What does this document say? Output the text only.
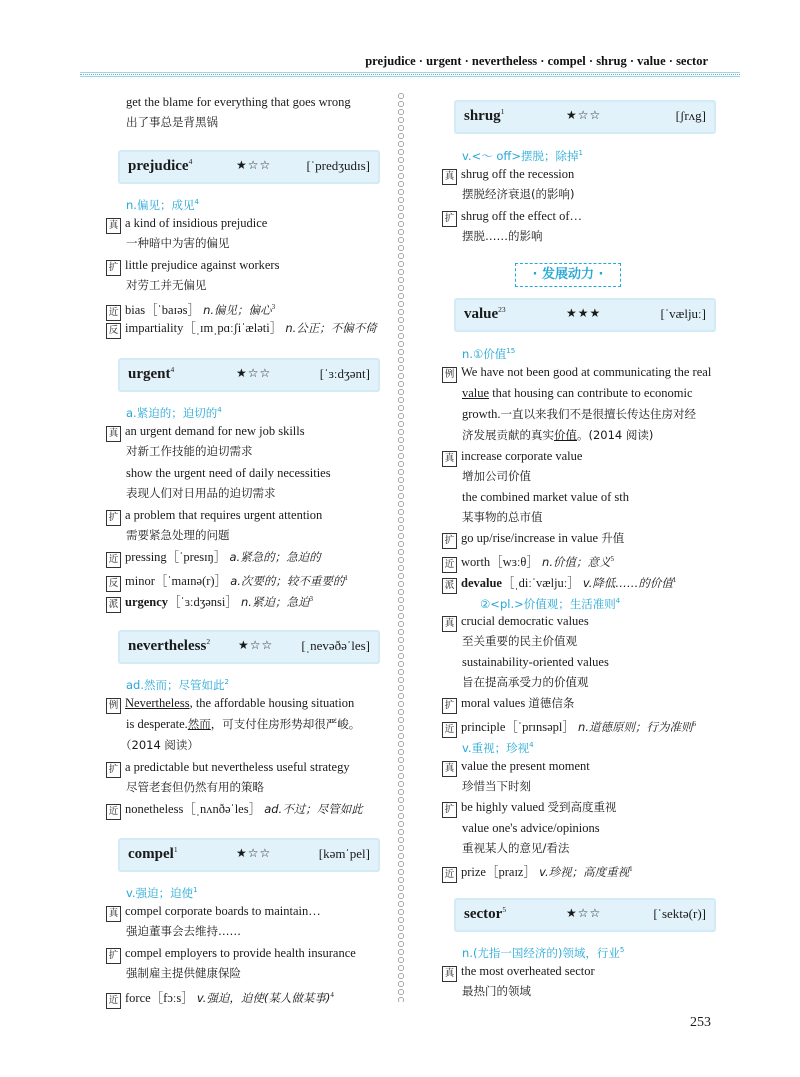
prejudice · urgent · nevertheless · compel · shrug · value · sector
get the blame for everything that goes wrong
出了事总是背黑锅
prejudice$^4$	★☆☆	[ˈpredʒudɪs]
n.偏见；成见$^4$
真 a kind of insidious prejudice
一种暗中为害的偏见
扩 little prejudice against workers
对劳工并无偏见
近 bias［ˈbaɪəs］ n.偏见；偏心$^3$
反 impartiality［ˌɪmˌpɑːʃiˈæləti］ n.公正；不偏不倚
urgent$^4$	★☆☆	[ˈɜːdʒənt]
a.紧迫的；迫切的$^4$
真 an urgent demand for new job skills
对新工作技能的迫切需求
show the urgent need of daily necessities
表现人们对日用品的迫切需求
扩 a problem that requires urgent attention
需要紧急处理的问题
近 pressing［ˈpresɪŋ］ a.紧急的；急迫的
反 minor［ˈmaɪnə(r)］ a.次要的；较不重要的$^1$
派 urgency［ˈɜːdʒənsi］ n.紧迫；急迫$^3$
nevertheless$^2$ ★☆☆ [ˌnevəðəˈles]
ad.然而；尽管如此$^2$
例 Nevertheless, the affordable housing situation
is desperate.然而，可支付住房形势却很严峻。
（2014 阅读）
扩 a predictable but nevertheless useful strategy
尽管老套但仍然有用的策略
近 nonetheless［ˌnʌnðəˈles］ ad.不过；尽管如此
compel$^1$	★☆☆	[kəmˈpel]
v.强迫；迫使$^1$
真 compel corporate boards to maintain…
强迫董事会去维持……
扩 compel employers to provide health insurance
强制雇主提供健康保险
近 force［fɔːs］ v.强迫，迫使(某人做某事)$^4$
shrug$^1$	★☆☆	[ʃrʌg]
v.<～ off>摆脱；除掉$^1$
真 shrug off the recession
摆脱经济衰退(的影响)
扩 shrug off the effect of…
摆脱……的影响
· 发展动力 ·
value$^{23}$	★★★	[ˈvæljuː]
n.①价值$^{15}$
例 We have not been good at communicating the real
value that housing can contribute to economic
growth.一直以来我们不是很擅长传达住房对经
济发展贡献的真实价值。(2014 阅读)
真 increase corporate value
增加公司价值
the combined market value of sth
某事物的总市值
扩 go up/rise/increase in value 升值
近 worth［wɜːθ］ n.价值；意义$^5$
派 devalue［ˌdiːˈvæljuː］ v.降低……的价值$^1$
②<pl.>价值观；生活准则$^4$
真 crucial democratic values
至关重要的民主价值观
sustainability-oriented values
旨在提高承受力的价值观
扩 moral values 道德信条
近 principle［ˈprɪnsəpl］ n.道德原则；行为准则$^6$
v.重视；珍视$^4$
真 value the present moment
珍惜当下时刻
扩 be highly valued 受到高度重视
value one's advice/opinions
重视某人的意见/看法
近 prize［praɪz］ v.珍视；高度重视$^1$
sector$^5$	★☆☆	[ˈsektə(r)]
n.(尤指一国经济的)领域，行业$^5$
真 the most overheated sector
最热门的领域
253
